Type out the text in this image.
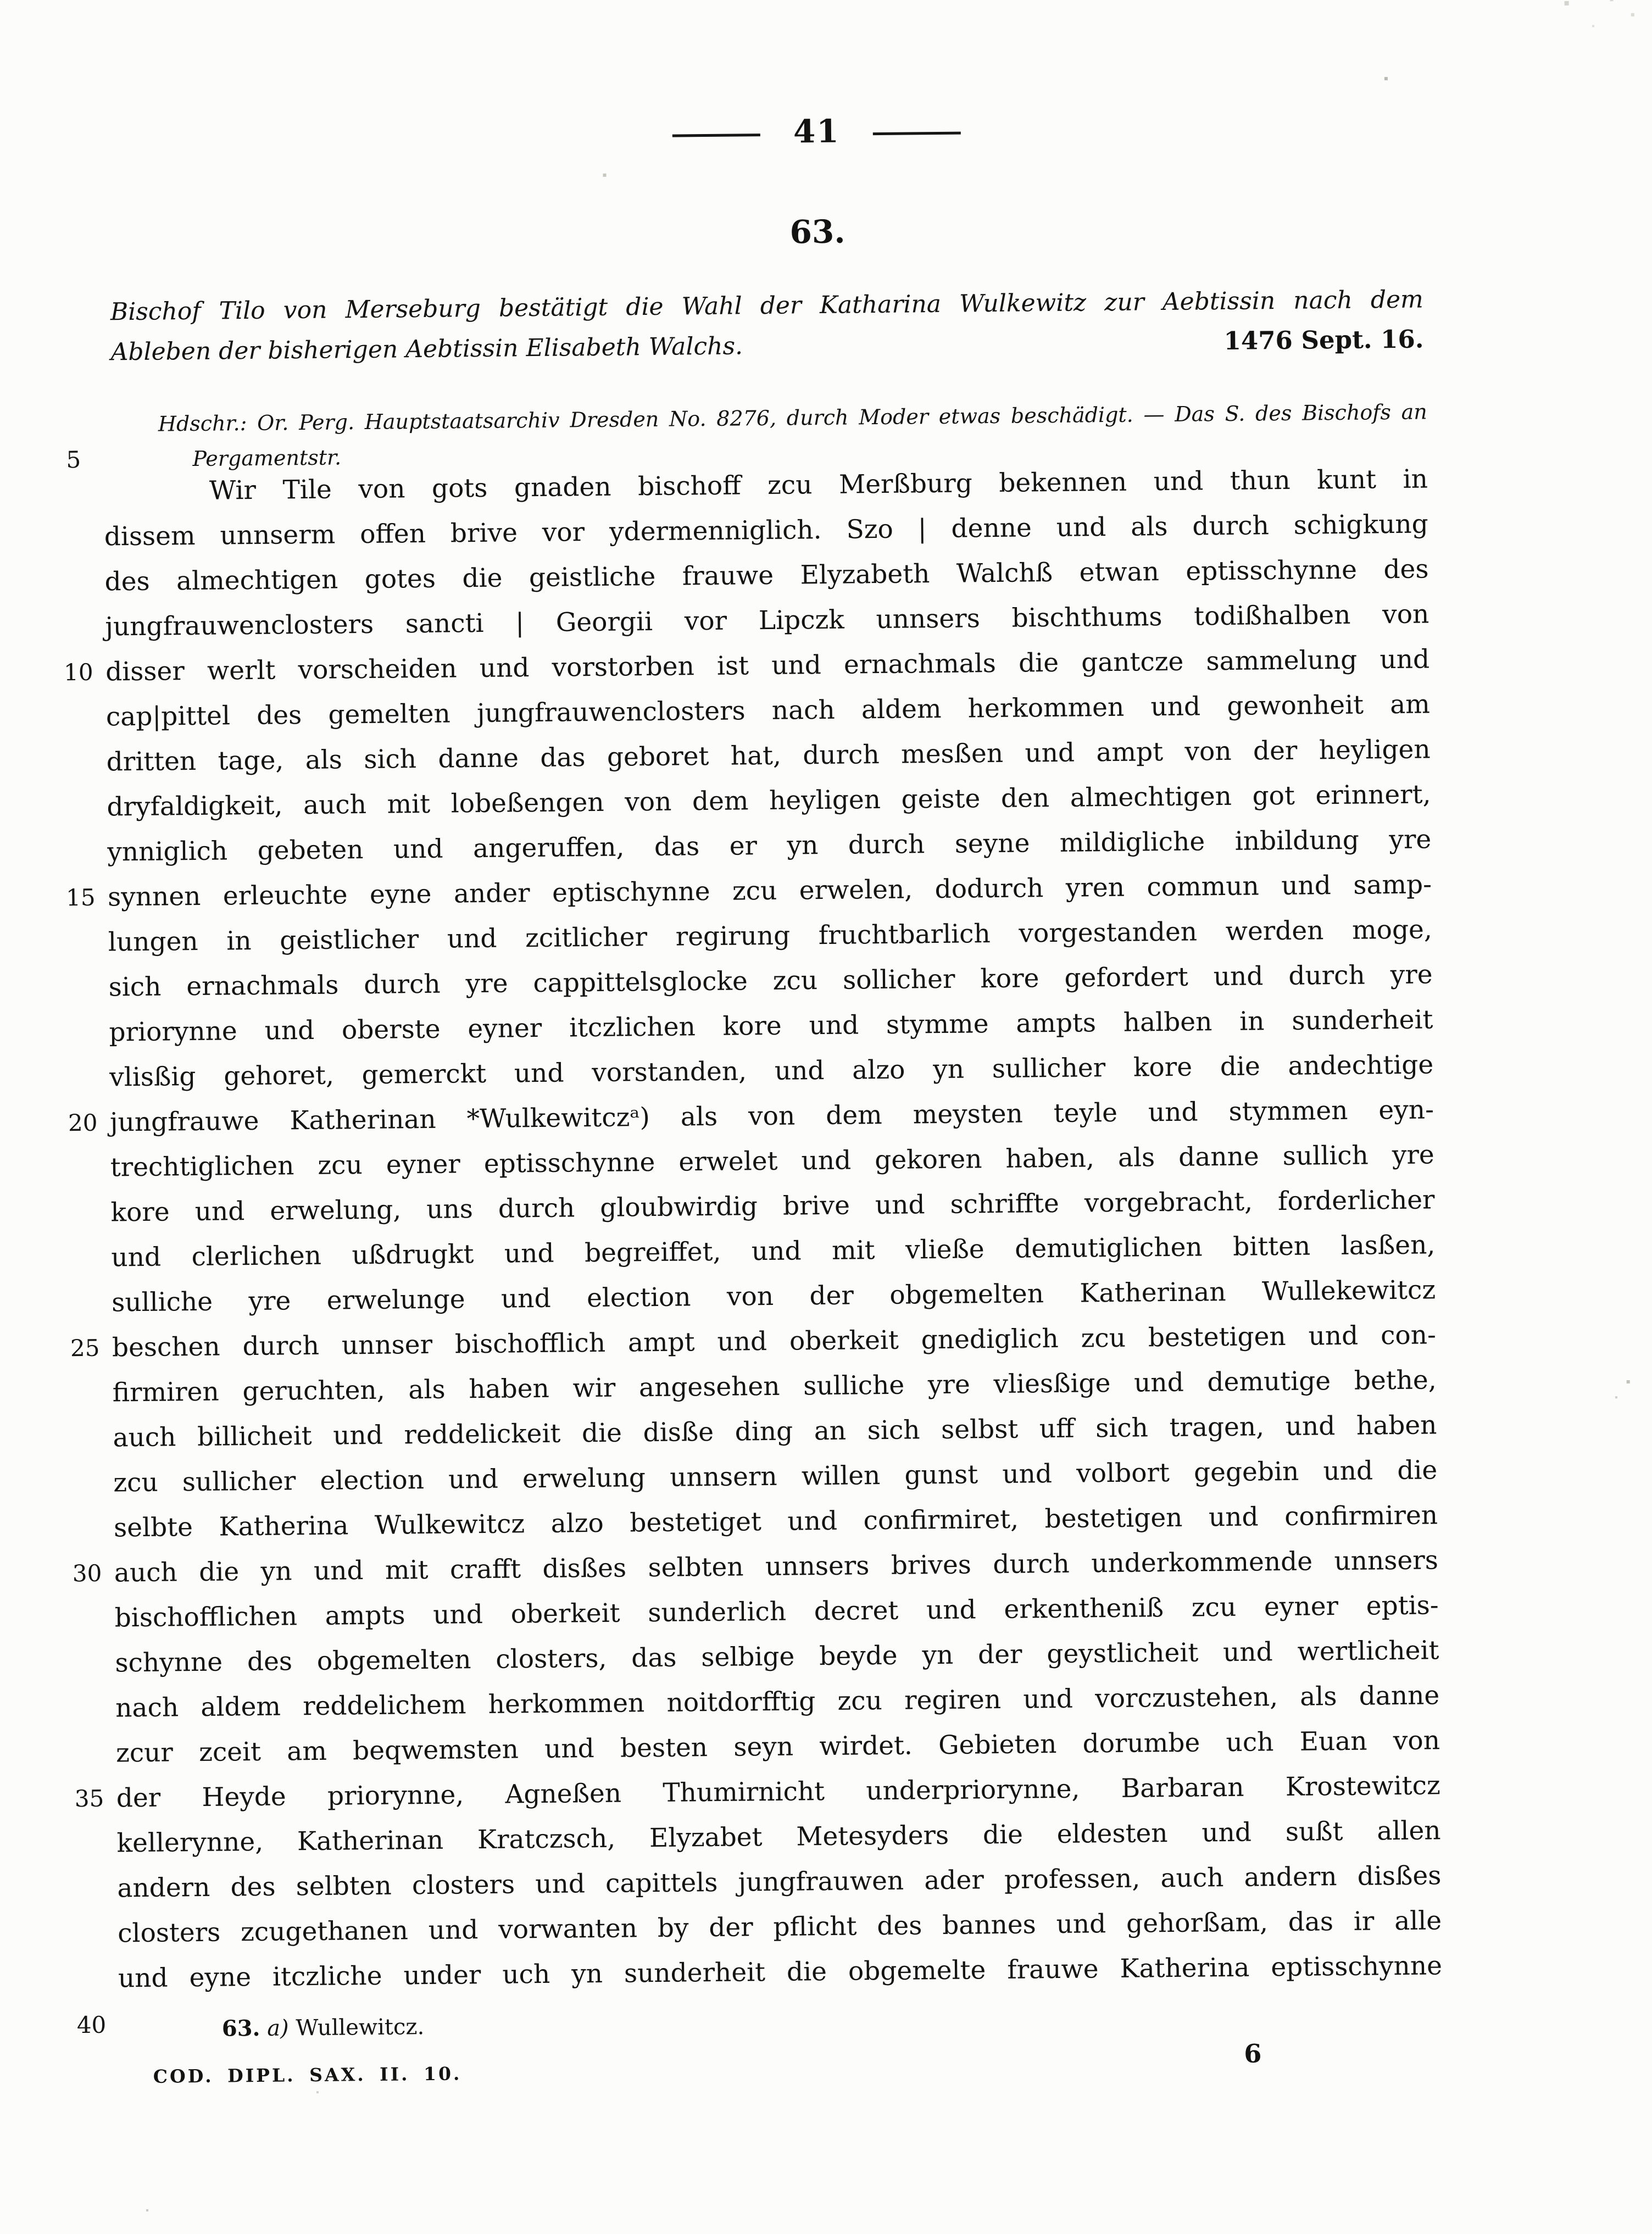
41
63.
Bischof Tilo von Merseburg bestätigt die Wahl der Katharina Wulkewitz zur Aebtissin nach dem
Ableben der bisherigen Aebtissin Elisabeth Walchs.	1476 Sept. 16.
5
Hdschr.: Or. Perg. Hauptstaatsarchiv Dresden No. 8276, durch Moder etwas beschädigt. — Das S. des Bischofs an
Pergamentstr.
Wir Tile von gots gnaden bischoff zcu Merßburg bekennen und thun kunt in
dissem unnserm offen brive vor ydermenniglich. Szo | denne und als durch schigkung
des almechtigen gotes die geistliche frauwe Elyzabeth Walchß etwan eptisschynne des
jungfrauwenclosters sancti | Georgii vor Lipczk unnsers bischthums todißhalben von
10 disser werlt vorscheiden und vorstorben ist und ernachmals die gantcze sammelung und
cap|pittel des gemelten jungfrauwenclosters nach aldem herkommen und gewonheit am
dritten tage, als sich danne das geboret hat, durch mesßen und ampt von der heyligen
dryfaldigkeit, auch mit lobeßengen von dem heyligen geiste den almechtigen got erinnert,
ynniglich gebeten und angeruffen, das er yn durch seyne mildigliche inbildung yre
15 synnen erleuchte eyne ander eptischynne zcu erwelen, dodurch yren commun und samp-
lungen in geistlicher und zcitlicher regirung fruchtbarlich vorgestanden werden moge,
sich ernachmals durch yre cappittelsglocke zcu sollicher kore gefordert und durch yre
priorynne und oberste eyner itczlichen kore und stymme ampts halben in sunderheit
vlisßig gehoret, gemerckt und vorstanden, und alzo yn sullicher kore die andechtige
20 jungfrauwe Katherinan *Wulkewitczᵃ) als von dem meysten teyle und stymmen eyn-
trechtiglichen zcu eyner eptisschynne erwelet und gekoren haben, als danne sullich yre
kore und erwelung, uns durch gloubwirdig brive und schriffte vorgebracht, forderlicher
und clerlichen ußdrugkt und begreiffet, und mit vließe demutiglichen bitten lasßen,
sulliche yre erwelunge und election von der obgemelten Katherinan Wullekewitcz
25 beschen durch unnser bischofflich ampt und oberkeit gnediglich zcu bestetigen und con-
firmiren geruchten, als haben wir angesehen sulliche yre vliesßige und demutige bethe,
auch billicheit und reddelickeit die disße ding an sich selbst uff sich tragen, und haben
zcu sullicher election und erwelung unnsern willen gunst und volbort gegebin und die
selbte Katherina Wulkewitcz alzo bestetiget und confirmiret, bestetigen und confirmiren
30 auch die yn und mit crafft disßes selbten unnsers brives durch underkommende unnsers
bischofflichen ampts und oberkeit sunderlich decret und erkentheniß zcu eyner eptis-
schynne des obgemelten closters, das selbige beyde yn der geystlicheit und wertlicheit
nach aldem reddelichem herkommen noitdorfftig zcu regiren und vorczustehen, als danne
zcur zceit am beqwemsten und besten seyn wirdet. Gebieten dorumbe uch Euan von
35 der Heyde priorynne, Agneßen Thumirnicht underpriorynne, Barbaran Krostewitcz
kellerynne, Katherinan Kratczsch, Elyzabet Metesyders die eldesten und sußt allen
andern des selbten closters und capittels jungfrauwen ader professen, auch andern disßes
closters zcugethanen und vorwanten by der pflicht des bannes und gehorßam, das ir alle
und eyne itczliche under uch yn sunderheit die obgemelte frauwe Katherina eptisschynne
40	63. a) Wullewitcz.
COD. DIPL. SAX. II. 10.
6
